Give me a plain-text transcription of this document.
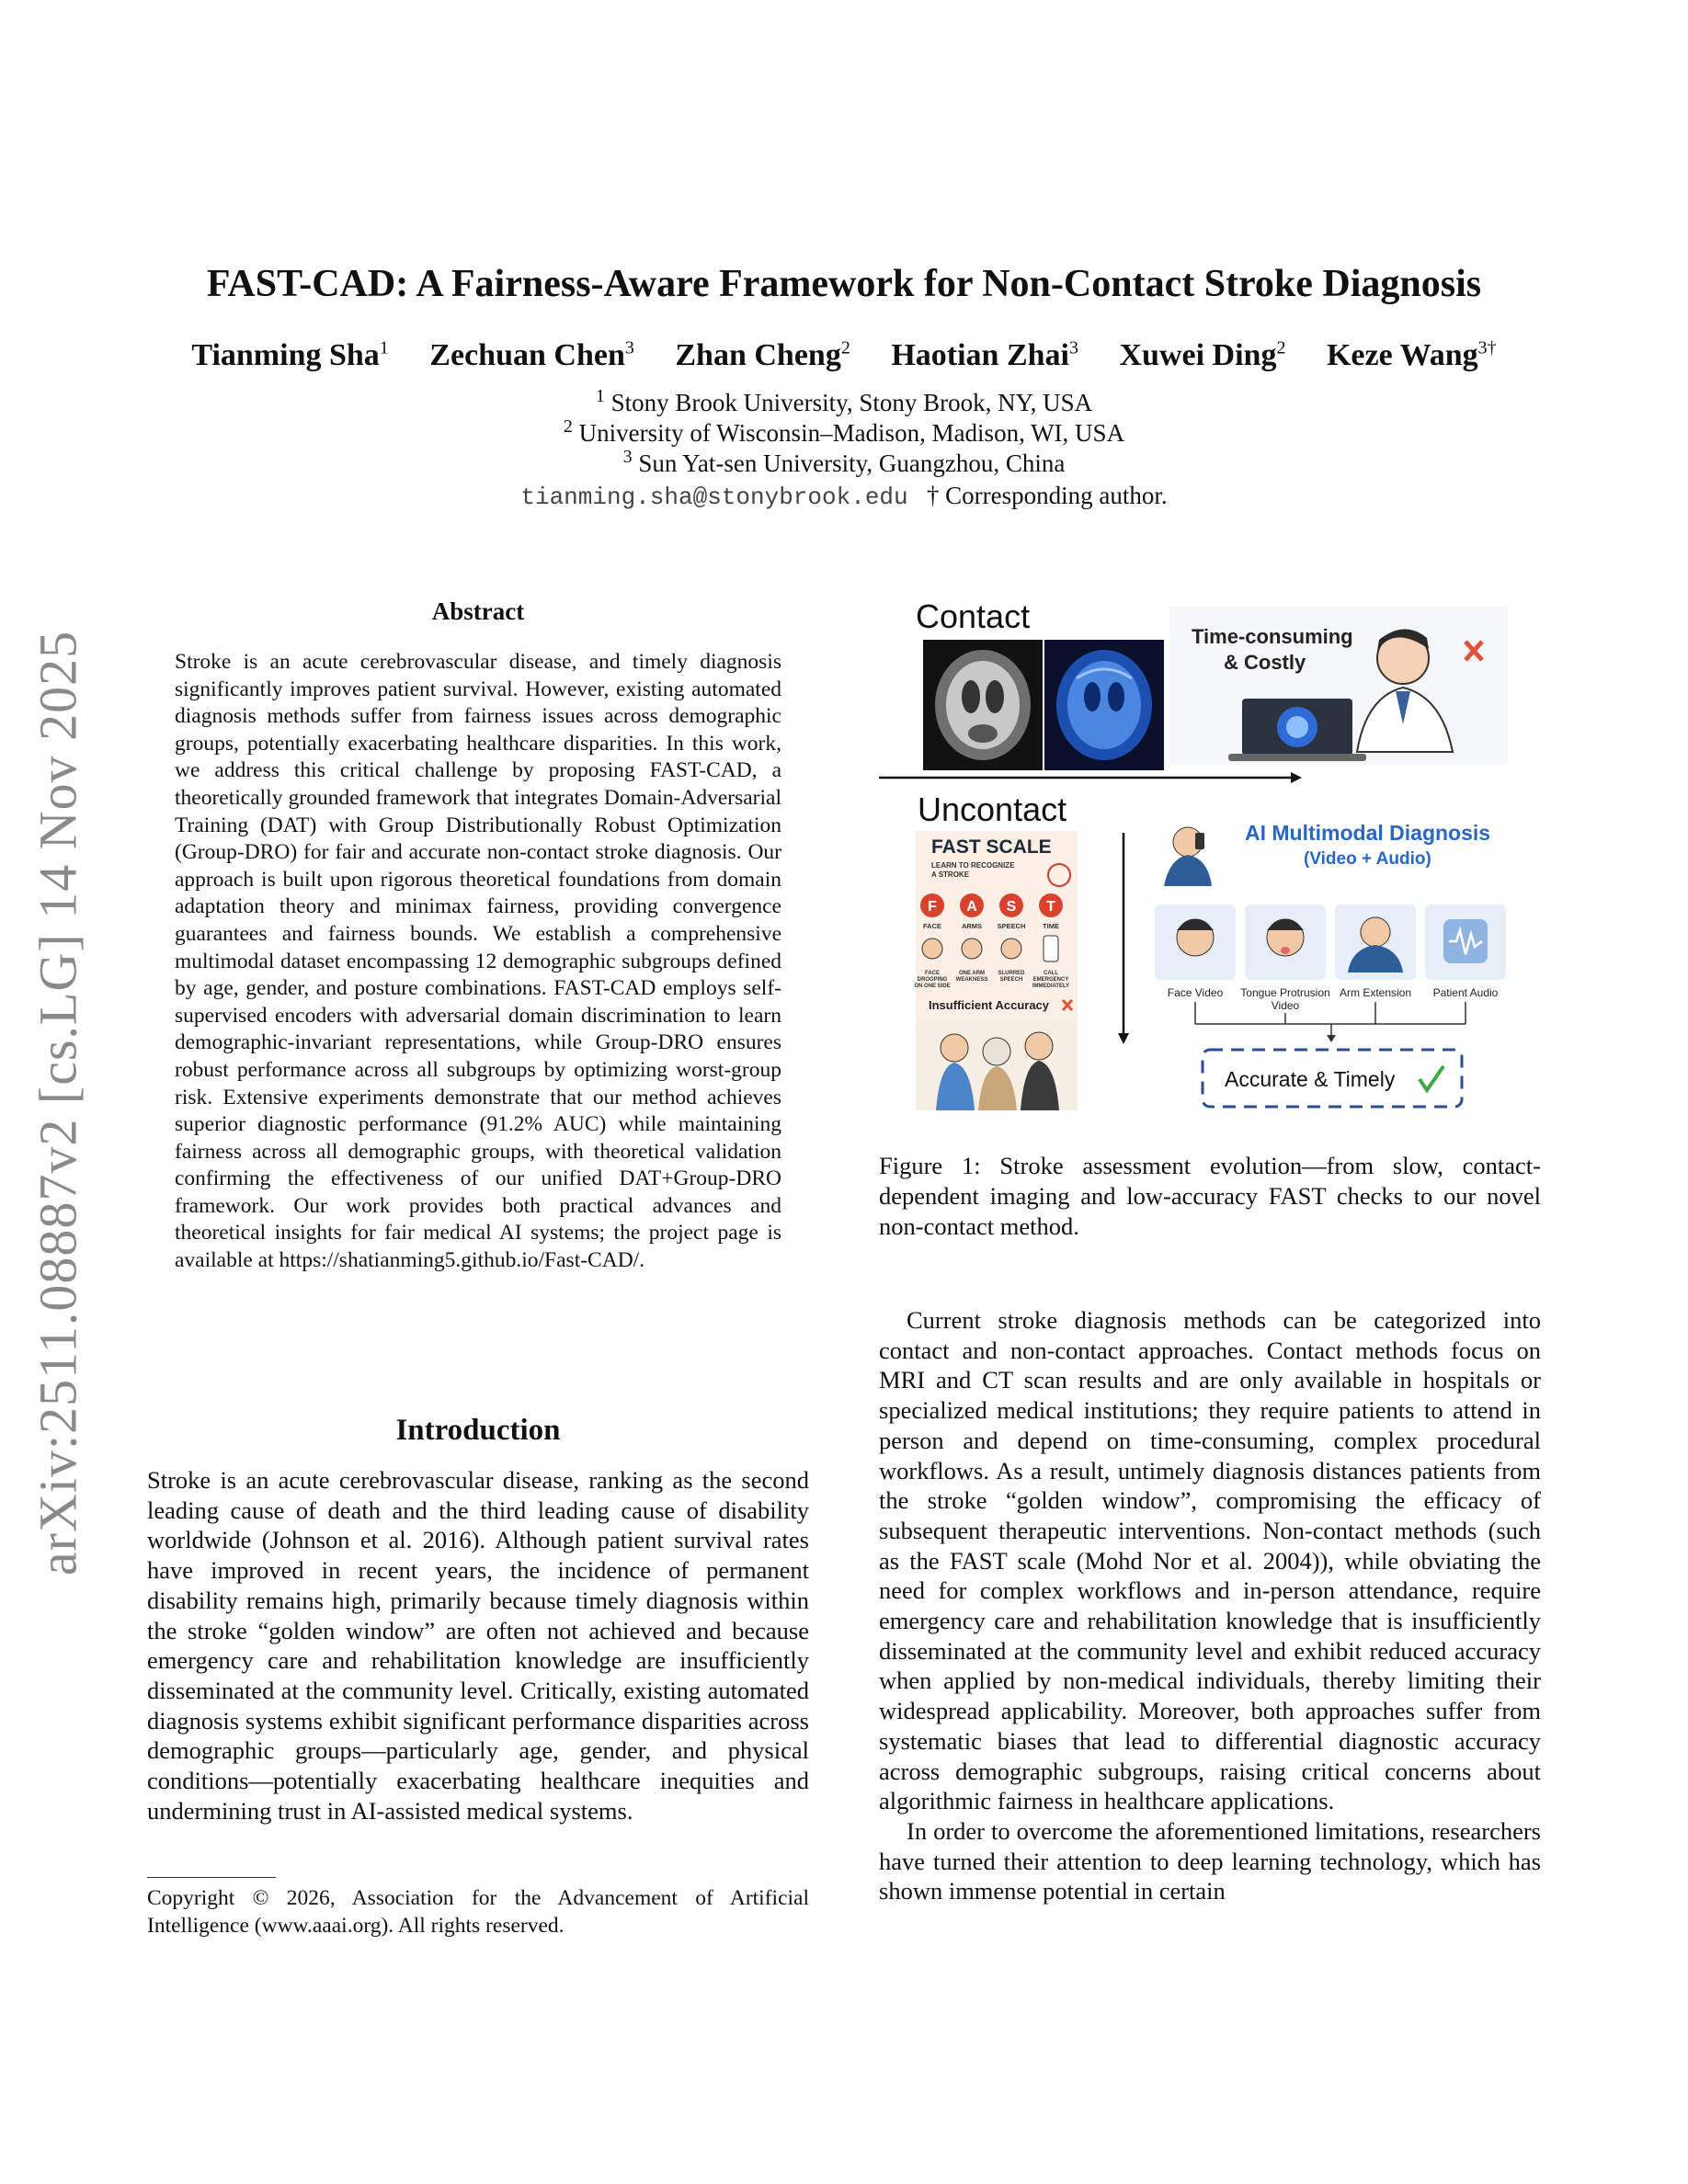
arXiv:2511.08887v2 [cs.LG] 14 Nov 2025
FAST-CAD: A Fairness-Aware Framework for Non-Contact Stroke Diagnosis
Tianming Sha$^1$ Zechuan Chen$^3$ Zhan Cheng$^2$ Haotian Zhai$^3$ Xuwei Ding$^2$ Keze Wang$^{3\dagger}$
$^1$ Stony Brook University, Stony Brook, NY, USA
$^2$ University of Wisconsin–Madison, Madison, WI, USA
$^3$ Sun Yat-sen University, Guangzhou, China
tianming.sha@stonybrook.edu † Corresponding author.
Abstract
Stroke is an acute cerebrovascular disease, and timely diagnosis significantly improves patient survival. However, existing automated diagnosis methods suffer from fairness issues across demographic groups, potentially exacerbating healthcare disparities. In this work, we address this critical challenge by proposing FAST-CAD, a theoretically grounded framework that integrates Domain-Adversarial Training (DAT) with Group Distributionally Robust Optimization (Group-DRO) for fair and accurate non-contact stroke diagnosis. Our approach is built upon rigorous theoretical foundations from domain adaptation theory and minimax fairness, providing convergence guarantees and fairness bounds. We establish a comprehensive multimodal dataset encompassing 12 demographic subgroups defined by age, gender, and posture combinations. FAST-CAD employs self-supervised encoders with adversarial domain discrimination to learn demographic-invariant representations, while Group-DRO ensures robust performance across all subgroups by optimizing worst-group risk. Extensive experiments demonstrate that our method achieves superior diagnostic performance (91.2% AUC) while maintaining fairness across all demographic groups, with theoretical validation confirming the effectiveness of our unified DAT+Group-DRO framework. Our work provides both practical advances and theoretical insights for fair medical AI systems; the project page is available at https://shatianming5.github.io/Fast-CAD/.
Introduction
Stroke is an acute cerebrovascular disease, ranking as the second leading cause of death and the third leading cause of disability worldwide (Johnson et al. 2016). Although patient survival rates have improved in recent years, the incidence of permanent disability remains high, primarily because timely diagnosis within the stroke “golden window” are often not achieved and because emergency care and rehabilitation knowledge are insufficiently disseminated at the community level. Critically, existing automated diagnosis systems exhibit significant performance disparities across demographic groups—particularly age, gender, and physical conditions—potentially exacerbating healthcare inequities and undermining trust in AI-assisted medical systems.
Copyright © 2026, Association for the Advancement of Artificial Intelligence (www.aaai.org). All rights reserved.
Contact
Time-consuming
& Costly
Uncontact
FAST SCALE
LEARN TO RECOGNIZE
A STROKE
F A S T
FACE	ARMS SPEECH TIME
FACE
DROOPING
ON ONE SIDE
ONE ARM
WEAKNESS
SLURRED
SPEECH
CALL
EMERGENCY
IMMEDIATELY
Insufficient Accuracy
AI Multimodal Diagnosis
(Video + Audio)
Face Video Tongue Protrusion
Video
Arm Extension Patient Audio
Accurate & Timely
Figure 1: Stroke assessment evolution—from slow, contact-dependent imaging and low-accuracy FAST checks to our novel non-contact method.
Current stroke diagnosis methods can be categorized into contact and non-contact approaches. Contact methods focus on MRI and CT scan results and are only available in hospitals or specialized medical institutions; they require patients to attend in person and depend on time-consuming, complex procedural workflows. As a result, untimely diagnosis distances patients from the stroke “golden window”, compromising the efficacy of subsequent therapeutic interventions. Non-contact methods (such as the FAST scale (Mohd Nor et al. 2004)), while obviating the need for complex workflows and in-person attendance, require emergency care and rehabilitation knowledge that is insufficiently disseminated at the community level and exhibit reduced accuracy when applied by non-medical individuals, thereby limiting their widespread applicability. Moreover, both approaches suffer from systematic biases that lead to differential diagnostic accuracy across demographic subgroups, raising critical concerns about algorithmic fairness in healthcare applications.
In order to overcome the aforementioned limitations, researchers have turned their attention to deep learning technology, which has shown immense potential in certain
